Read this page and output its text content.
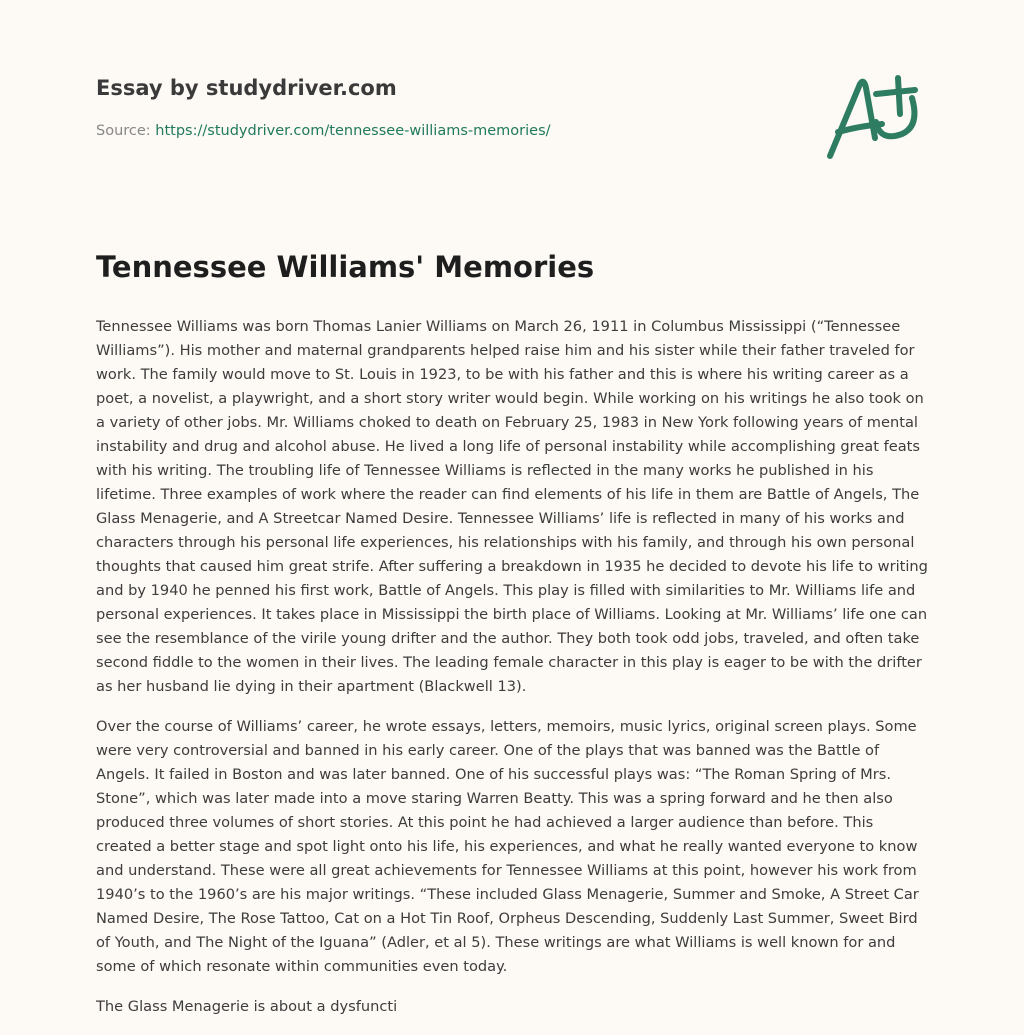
Essay by studydriver.com
Source: https://studydriver.com/tennessee-williams-memories/
Tennessee Williams' Memories

Tennessee Williams was born Thomas Lanier Williams on March 26, 1911 in Columbus Mississippi (“Tennessee Williams”). His mother and maternal grandparents helped raise him and his sister while their father traveled for work. The family would move to St. Louis in 1923, to be with his father and this is where his writing career as a poet, a novelist, a playwright, and a short story writer would begin. While working on his writings he also took on a variety of other jobs. Mr. Williams choked to death on February 25, 1983 in New York following years of mental instability and drug and alcohol abuse. He lived a long life of personal instability while accomplishing great feats with his writing. The troubling life of Tennessee Williams is reflected in the many works he published in his lifetime. Three examples of work where the reader can find elements of his life in them are Battle of Angels, The Glass Menagerie, and A Streetcar Named Desire. Tennessee Williams’ life is reflected in many of his works and characters through his personal life experiences, his relationships with his family, and through his own personal thoughts that caused him great strife. After suffering a breakdown in 1935 he decided to devote his life to writing and by 1940 he penned his first work, Battle of Angels. This play is filled with similarities to Mr. Williams life and personal experiences. It takes place in Mississippi the birth place of Williams. Looking at Mr. Williams’ life one can see the resemblance of the virile young drifter and the author. They both took odd jobs, traveled, and often take second fiddle to the women in their lives. The leading female character in this play is eager to be with the drifter as her husband lie dying in their apartment (Blackwell 13).

Over the course of Williams’ career, he wrote essays, letters, memoirs, music lyrics, original screen plays. Some were very controversial and banned in his early career. One of the plays that was banned was the Battle of Angels. It failed in Boston and was later banned. One of his successful plays was: “The Roman Spring of Mrs. Stone”, which was later made into a move staring Warren Beatty. This was a spring forward and he then also produced three volumes of short stories. At this point he had achieved a larger audience than before. This created a better stage and spot light onto his life, his experiences, and what he really wanted everyone to know and understand. These were all great achievements for Tennessee Williams at this point, however his work from 1940’s to the 1960’s are his major writings. “These included Glass Menagerie, Summer and Smoke, A Street Car Named Desire, The Rose Tattoo, Cat on a Hot Tin Roof, Orpheus Descending, Suddenly Last Summer, Sweet Bird of Youth, and The Night of the Iguana” (Adler, et al 5). These writings are what Williams is well known for and some of which resonate within communities even today.

The Glass Menagerie is about a dysfuncti
